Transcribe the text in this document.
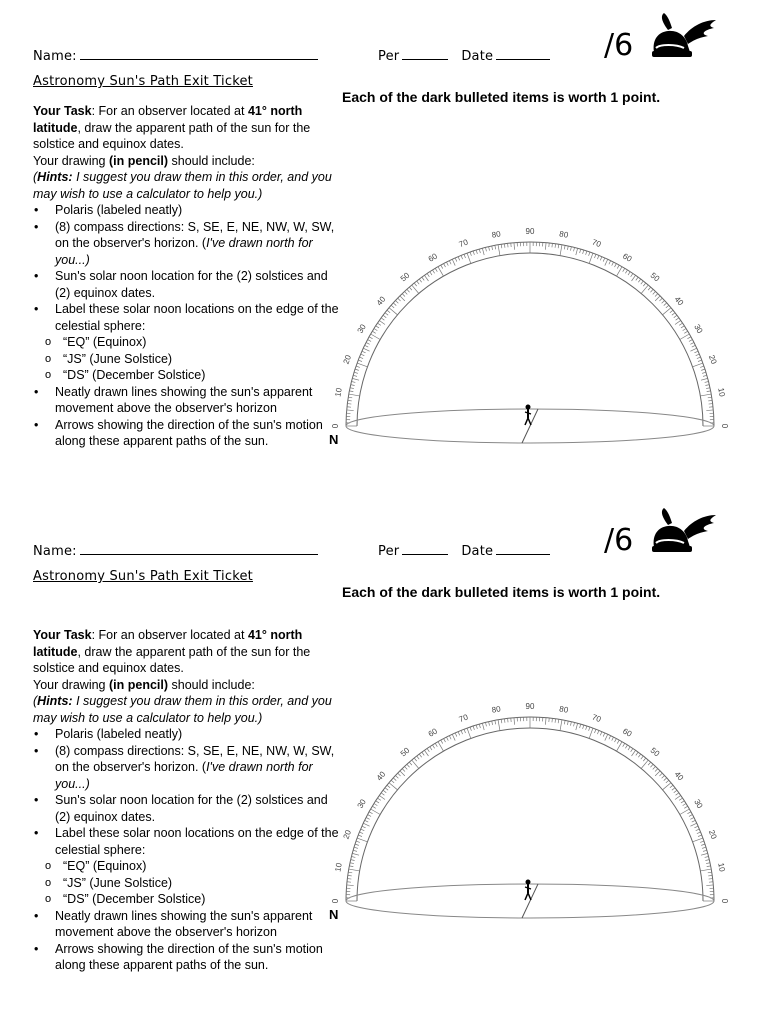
Name:	Per	Date	/6
Astronomy Sun's Path Exit Ticket
Each of the dark bulleted items is worth 1 point.

Your Task: For an observer located at 41° north latitude, draw the apparent path of the sun for the solstice and equinox dates.

Your drawing (in pencil) should include:

(Hints: I suggest you draw them in this order, and you may wish to use a calculator to help you.)

• Polaris (labeled neatly)
• (8) compass directions: S, SE, E, NE, NW, W, SW, on the observer's horizon. (I've drawn north for you...)
• Sun's solar noon location for the (2) solstices and (2) equinox dates.
• Label these solar noon locations on the edge of the celestial sphere:
o “EQ” (Equinox)
o “JS” (June Solstice)
o “DS” (December Solstice)
• Neatly drawn lines showing the sun's apparent movement above the observer's horizon
• Arrows showing the direction of the sun's motion along these apparent paths of the sun.
0
10
20
30
40
50
60
70
80	90	80
70
60
50
40
30
20
10
0
N
Name:	Per	Date	/6
Astronomy Sun's Path Exit Ticket
Each of the dark bulleted items is worth 1 point.

Your Task: For an observer located at 41° north latitude, draw the apparent path of the sun for the solstice and equinox dates.

Your drawing (in pencil) should include:

(Hints: I suggest you draw them in this order, and you may wish to use a calculator to help you.)

• Polaris (labeled neatly)
• (8) compass directions: S, SE, E, NE, NW, W, SW, on the observer's horizon. (I've drawn north for you...)
• Sun's solar noon location for the (2) solstices and (2) equinox dates.
• Label these solar noon locations on the edge of the celestial sphere:
o “EQ” (Equinox)
o “JS” (June Solstice)
o “DS” (December Solstice)
• Neatly drawn lines showing the sun's apparent movement above the observer's horizon
• Arrows showing the direction of the sun's motion along these apparent paths of the sun.
0
10
20
30
40
50
60
70
80	90	80
70
60
50
40
30
20
10
0
N
